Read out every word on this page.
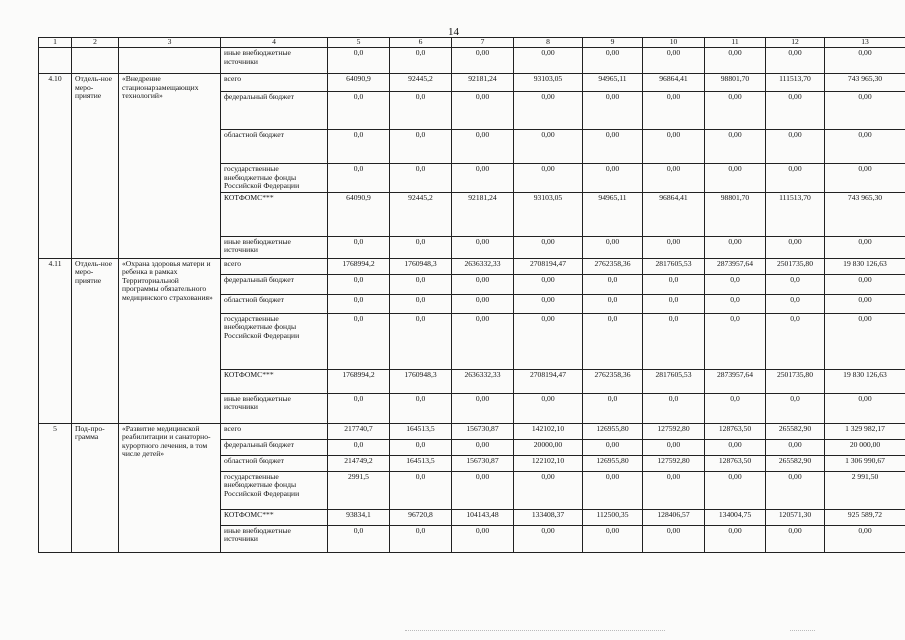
14
1	2	3	4	5	6	7	8	9	10	11	12	13
			иные внебюджетные источники	0,0	0,0	0,00	0,00	0,00	0,00	0,00	0,00	0,00
4.10	Отдель-ное меро-приятие	«Внедрение стационарзамещающих технологий»	всего	64090,9	92445,2	92181,24	93103,05	94965,11	96864,41	98801,70	111513,70	743 965,30
			федеральный бюджет	0,0	0,0	0,00	0,00	0,00	0,00	0,00	0,00	0,00
			областной бюджет	0,0	0,0	0,00	0,00	0,00	0,00	0,00	0,00	0,00
			государственные внебюджетные фонды Российской Федерации	0,0	0,0	0,00	0,00	0,00	0,00	0,00	0,00	0,00
			КОТФОМС***	64090,9	92445,2	92181,24	93103,05	94965,11	96864,41	98801,70	111513,70	743 965,30
			иные внебюджетные источники	0,0	0,0	0,00	0,00	0,00	0,00	0,00	0,00	0,00
4.11	Отдель-ное меро-приятие	«Охрана здоровья матери и ребенка в рамках Территориальной программы обязательного медицинского страхования»	всего	1768994,2	1760948,3	2636332,33	2708194,47	2762358,36	2817605,53	2873957,64	2501735,80	19 830 126,63
			федеральный бюджет	0,0	0,0	0,00	0,00	0,0	0,0	0,0	0,0	0,00
			областной бюджет	0,0	0,0	0,00	0,00	0,0	0,0	0,0	0,0	0,00
			государственные внебюджетные фонды Российской Федерации	0,0	0,0	0,00	0,00	0,0	0,0	0,0	0,0	0,00
			КОТФОМС***	1768994,2	1760948,3	2636332,33	2708194,47	2762358,36	2817605,53	2873957,64	2501735,80	19 830 126,63
			иные внебюджетные источники	0,0	0,0	0,00	0,00	0,0	0,0	0,0	0,0	0,00
5	Под-про-грамма	«Развитие медицинской реабилитации и санаторно-курортного лечения, в том числе детей»	всего	217740,7	164513,5	156730,87	142102,10	126955,80	127592,80	128763,50	265582,90	1 329 982,17
			федеральный бюджет	0,0	0,0	0,00	20000,00	0,00	0,00	0,00	0,00	20 000,00
			областной бюджет	214749,2	164513,5	156730,87	122102,10	126955,80	127592,80	128763,50	265582,90	1 306 990,67
			государственные внебюджетные фонды Российской Федерации	2991,5	0,0	0,00	0,00	0,00	0,00	0,00	0,00	2 991,50
			КОТФОМС***	93834,1	96720,8	104143,48	133408,37	112500,35	128406,57	134004,75	120571,30	925 589,72
			иные внебюджетные источники	0,0	0,0	0,00	0,00	0,00	0,00	0,00	0,00	0,00
